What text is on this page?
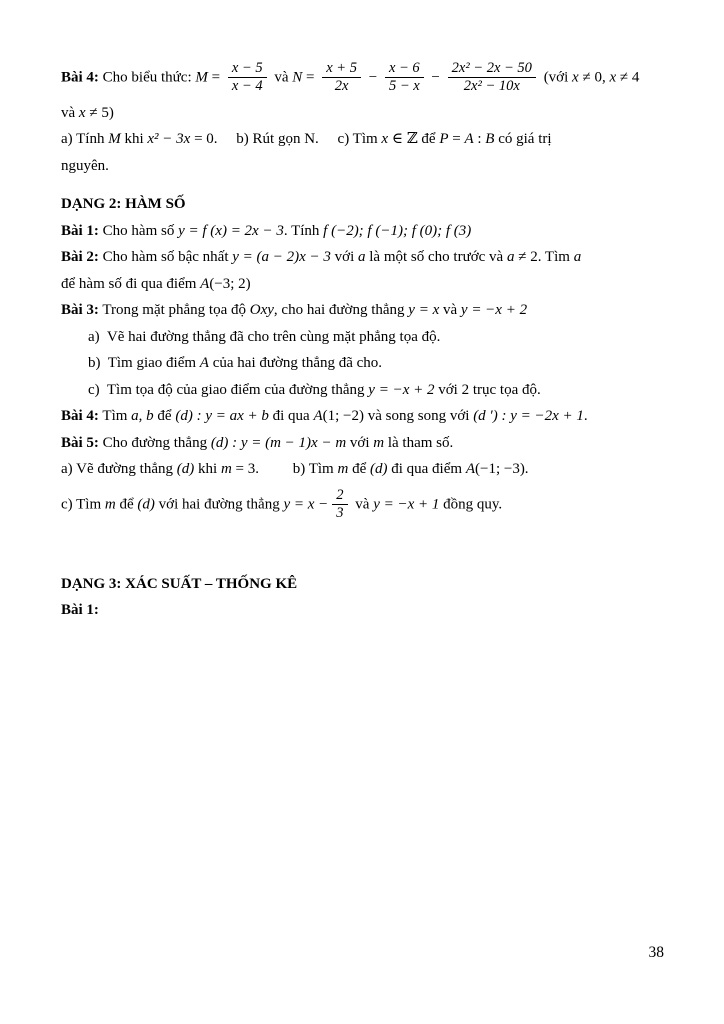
Bài 4: Cho biểu thức: $M = \frac{x - 5}{x - 4}$ và $N = \frac{x + 5}{2x} - \frac{x - 6}{5 - x} - \frac{\text{2x² − 2x − 50}}{\text{2x² − 10x}}$ (với x ≠ 0, x ≠ 4
và x ≠ 5)
a) Tính M khi x² − 3x = 0.     b) Rút gọn N.     c) Tìm x ∈ ℤ để P = A : B có giá trị
nguyên.
DẠNG 2: HÀM SỐ
Bài 1: Cho hàm số y = f (x) = 2x − 3. Tính f (−2); f (−1); f (0); f (3)
Bài 2: Cho hàm số bậc nhất y = (a − 2)x − 3 với a là một số cho trước và a ≠ 2. Tìm a
để hàm số đi qua điểm A(−3; 2)
Bài 3: Trong mặt phẳng tọa độ Oxy, cho hai đường thẳng y = x và y = −x + 2
a)  Vẽ hai đường thẳng đã cho trên cùng mặt phẳng tọa độ.
b)  Tìm giao điểm A của hai đường thẳng đã cho.
c)  Tìm tọa độ của giao điểm của đường thẳng y = −x + 2 với 2 trục tọa độ.
Bài 4: Tìm a, b để (d) : y = ax + b đi qua A(1; −2) và song song với (d ′) : y = −2x + 1.
Bài 5: Cho đường thẳng (d) : y = (m − 1)x − m với m là tham số.
a) Vẽ đường thẳng (d) khi m = 3.         b) Tìm m để (d) đi qua điểm A(−1; −3).
c) Tìm m để (d) với hai đường thẳng $y = x - \frac{2}{3}$ và y = −x + 1 đồng quy.
DẠNG 3: XÁC SUẤT – THỐNG KÊ
Bài 1:
38
